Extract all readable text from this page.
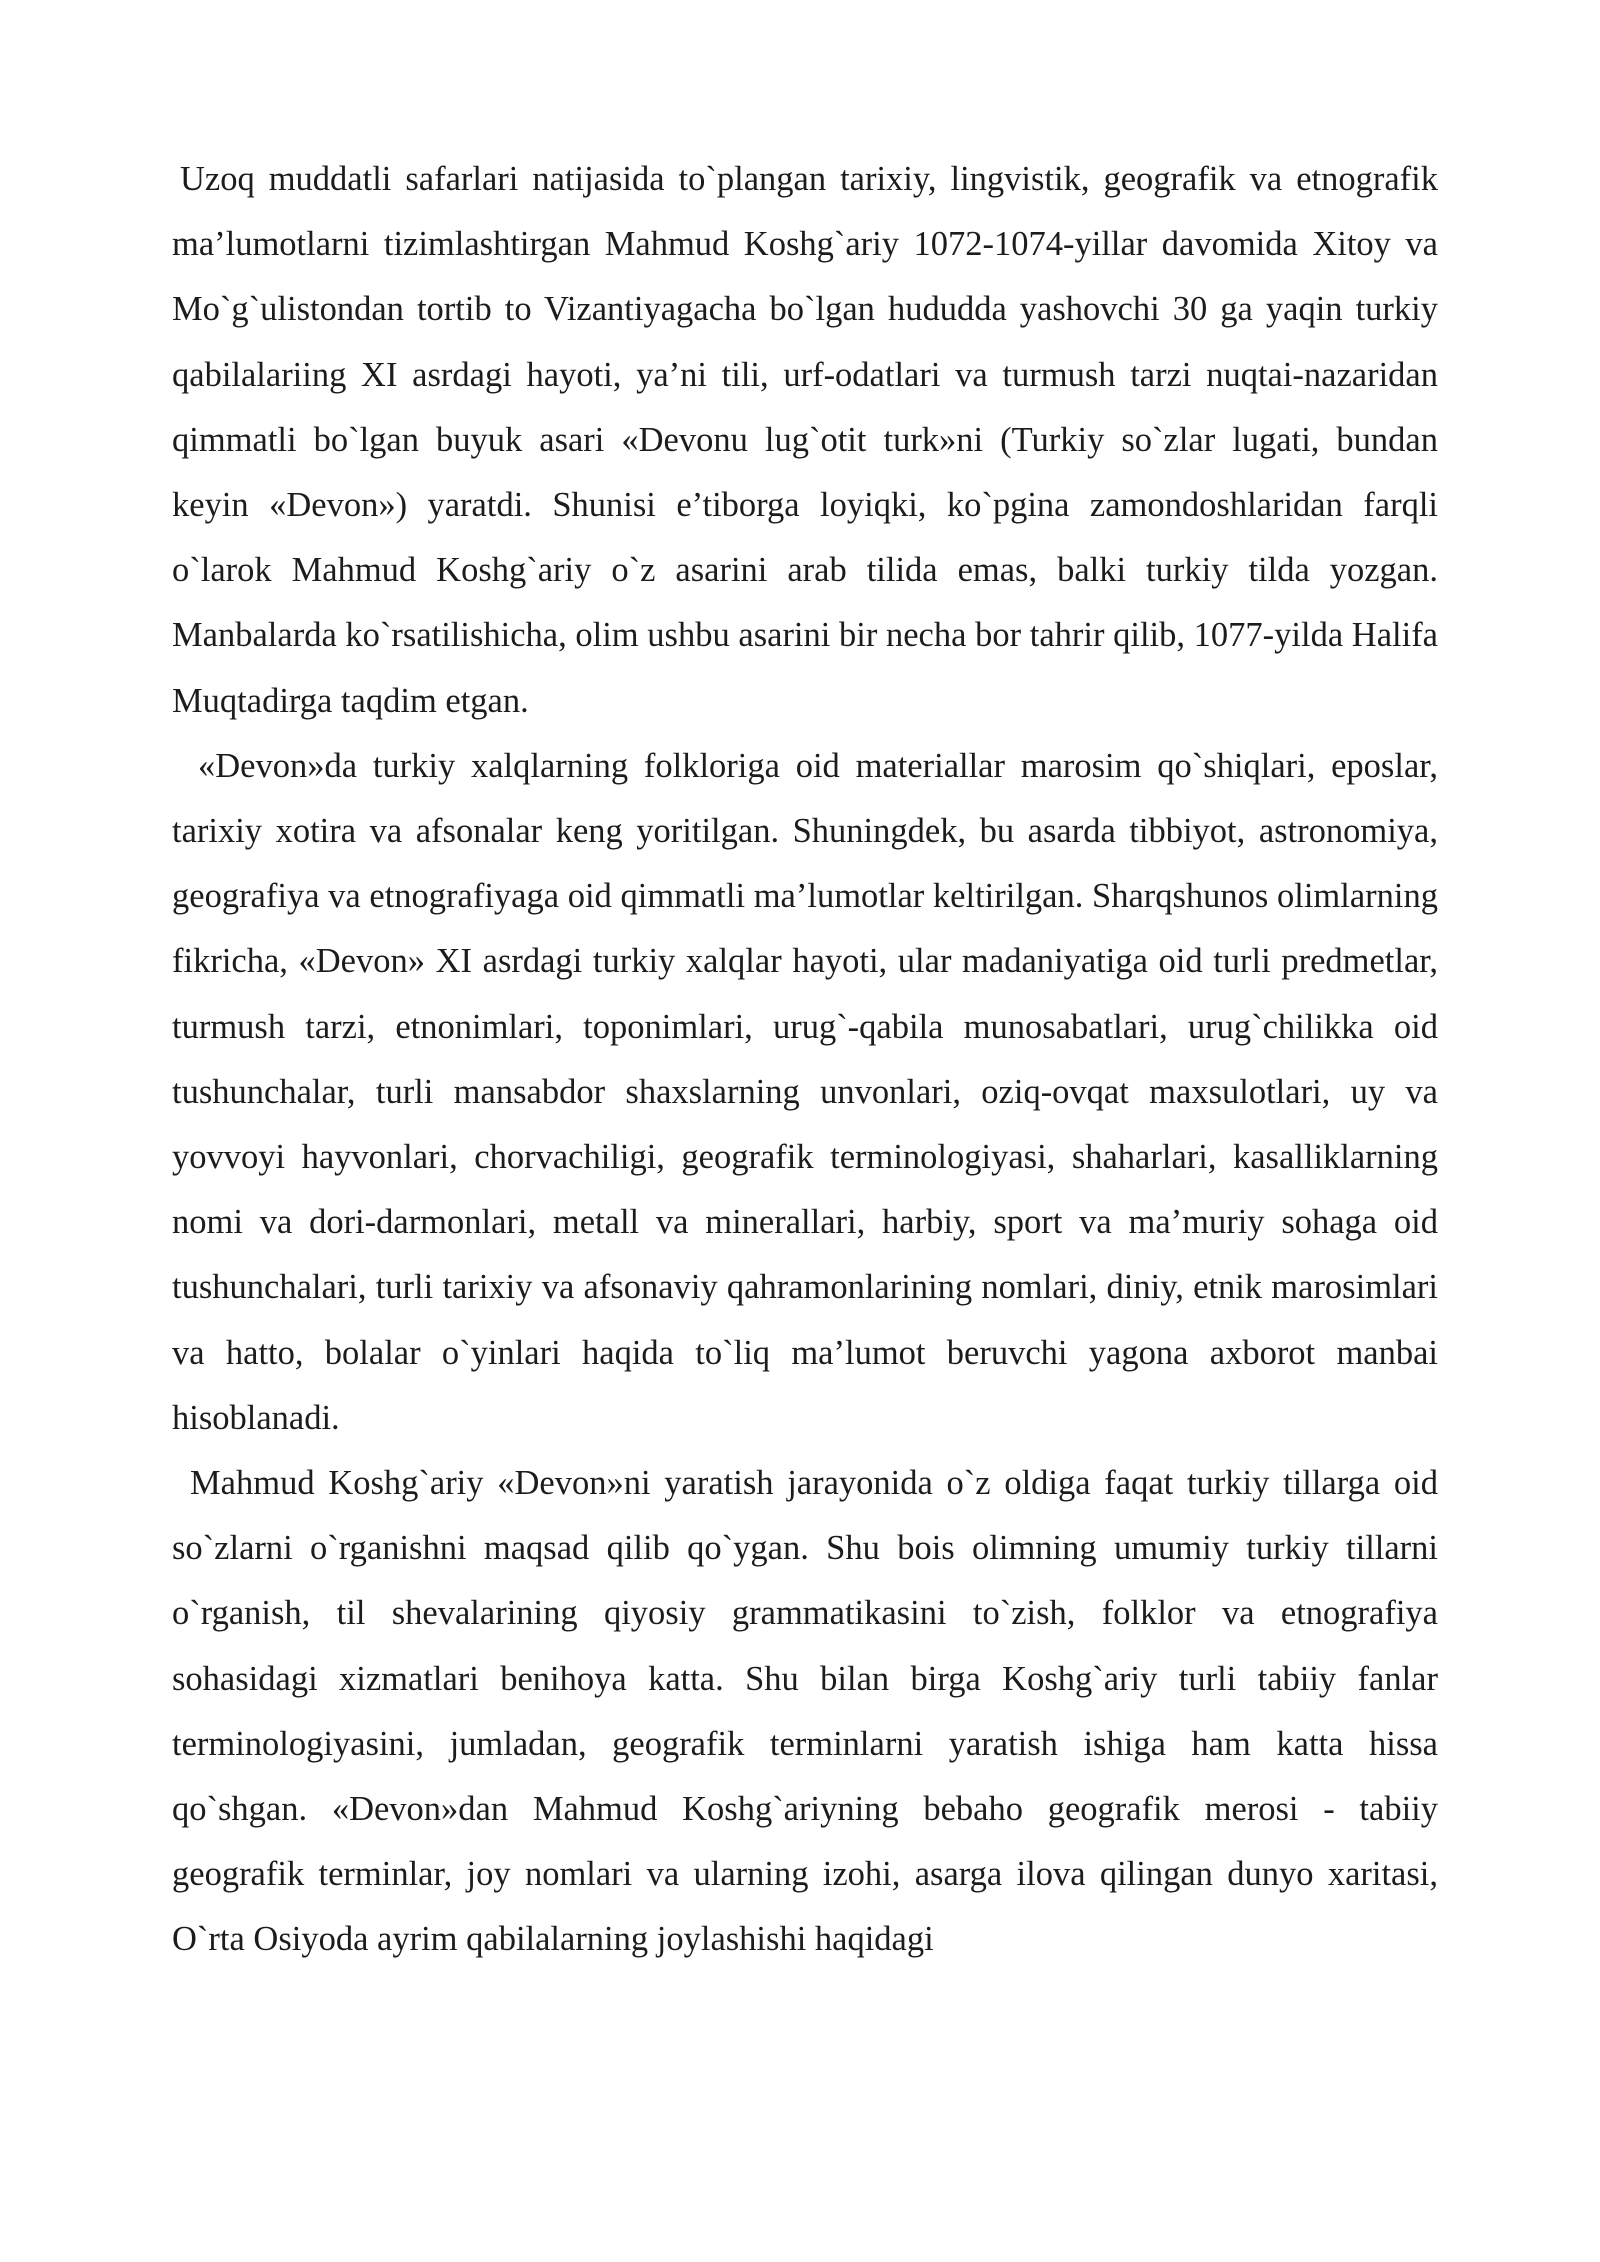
Uzoq muddatli safarlari natijasida to`plangan tarixiy, lingvistik, geografik va etnografik ma’lumotlarni tizimlashtirgan Mahmud Koshg`ariy 1072-1074-yillar davomida Xitoy va Mo`g`ulistondan tortib to Vizantiyagacha bo`lgan hududda yashovchi 30 ga yaqin turkiy qabilalariing XI asrdagi hayoti, ya’ni tili, urf-odatlari va turmush tarzi nuqtai-nazaridan qimmatli bo`lgan buyuk asari «Devonu lug`otit turk»ni (Turkiy so`zlar lugati, bundan keyin «Devon») yaratdi. Shunisi e’tiborga loyiqki, ko`pgina zamondoshlaridan farqli o`larok Mahmud Koshg`ariy o`z asarini arab tilida emas, balki turkiy tilda yozgan. Manbalarda ko`rsatilishicha, olim ushbu asarini bir necha bor tahrir qilib, 1077-yilda Halifa Muqtadirga taqdim etgan.

«Devon»da turkiy xalqlarning folkloriga oid materiallar marosim qo`shiqlari, eposlar, tarixiy xotira va afsonalar keng yoritilgan. Shuningdek, bu asarda tibbiyot, astronomiya, geografiya va etnografiyaga oid qimmatli ma’lumotlar keltirilgan. Sharqshunos olimlarning fikricha, «Devon» XI asrdagi turkiy xalqlar hayoti, ular madaniyatiga oid turli predmetlar, turmush tarzi, etnonimlari, toponimlari, urug`-qabila munosabatlari, urug`chilikka oid tushunchalar, turli mansabdor shaxslarning unvonlari, oziq-ovqat maxsulotlari, uy va yovvoyi hayvonlari, chorvachiligi, geografik terminologiyasi, shaharlari, kasalliklarning nomi va dori-darmonlari, metall va minerallari, harbiy, sport va ma’muriy sohaga oid tushunchalari, turli tarixiy va afsonaviy qahramonlarining nomlari, diniy, etnik marosimlari va hatto, bolalar o`yinlari haqida to`liq ma’lumot beruvchi yagona axborot manbai hisoblanadi.

Mahmud Koshg`ariy «Devon»ni yaratish jarayonida o`z oldiga faqat turkiy tillarga oid so`zlarni o`rganishni maqsad qilib qo`ygan. Shu bois olimning umumiy turkiy tillarni o`rganish, til shevalarining qiyosiy grammatikasini to`zish, folklor va etnografiya sohasidagi xizmatlari benihoya katta. Shu bilan birga Koshg`ariy turli tabiiy fanlar terminologiyasini, jumladan, geografik terminlarni yaratish ishiga ham katta hissa qo`shgan. «Devon»dan Mahmud Koshg`ariyning bebaho geografik merosi - tabiiy geografik terminlar, joy nomlari va ularning izohi, asarga ilova qilingan dunyo xaritasi, O`rta Osiyoda ayrim qabilalarning joylashishi haqidagi
